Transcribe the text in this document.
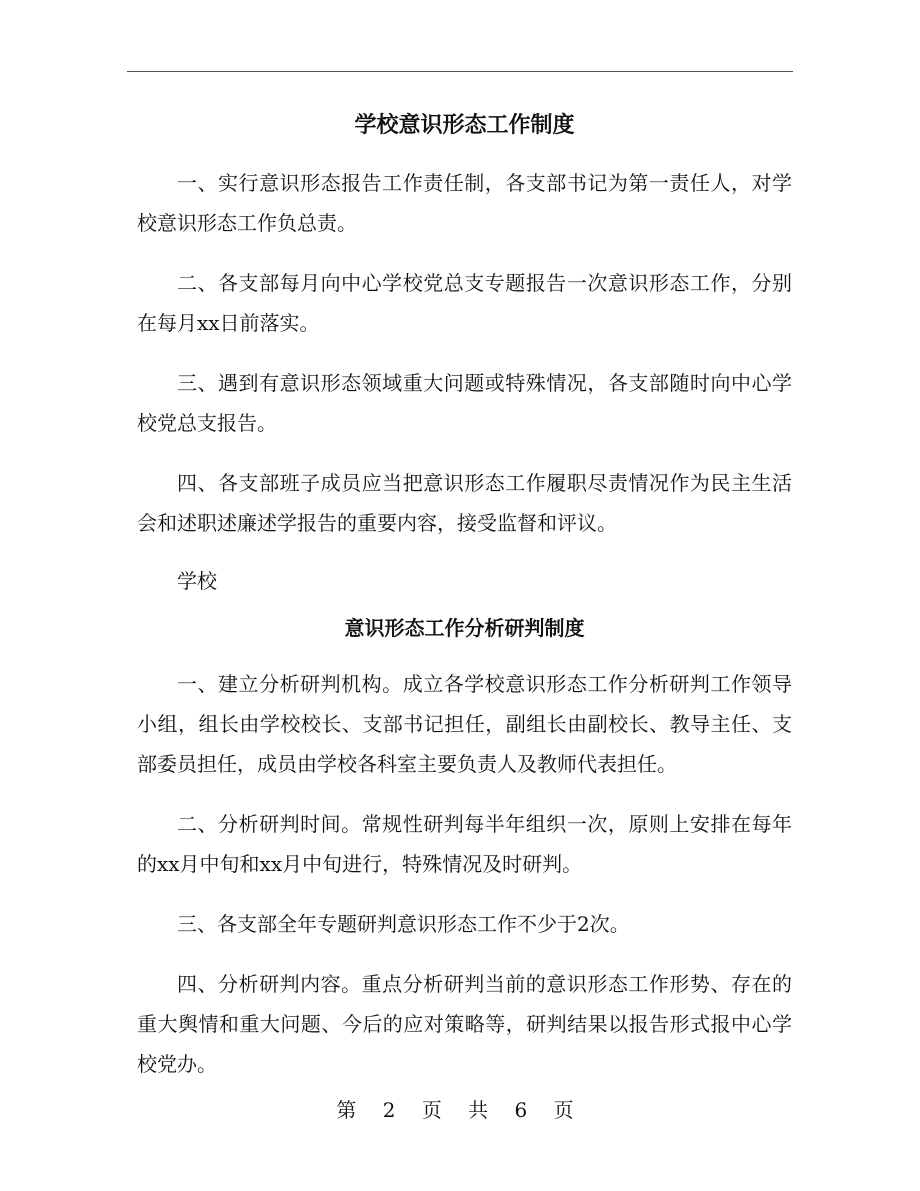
学校意识形态工作制度

一、实行意识形态报告工作责任制，各支部书记为第一责任人，对学校意识形态工作负总责。

二、各支部每月向中心学校党总支专题报告一次意识形态工作，分别在每月xx日前落实。

三、遇到有意识形态领域重大问题或特殊情况，各支部随时向中心学校党总支报告。

四、各支部班子成员应当把意识形态工作履职尽责情况作为民主生活会和述职述廉述学报告的重要内容，接受监督和评议。

学校

意识形态工作分析研判制度

一、建立分析研判机构。成立各学校意识形态工作分析研判工作领导小组，组长由学校校长、支部书记担任，副组长由副校长、教导主任、支部委员担任，成员由学校各科室主要负责人及教师代表担任。

二、分析研判时间。常规性研判每半年组织一次，原则上安排在每年的xx月中旬和xx月中旬进行，特殊情况及时研判。

三、各支部全年专题研判意识形态工作不少于2次。

四、分析研判内容。重点分析研判当前的意识形态工作形势、存在的重大舆情和重大问题、今后的应对策略等，研判结果以报告形式报中心学校党办。

第 2 页 共 6 页
